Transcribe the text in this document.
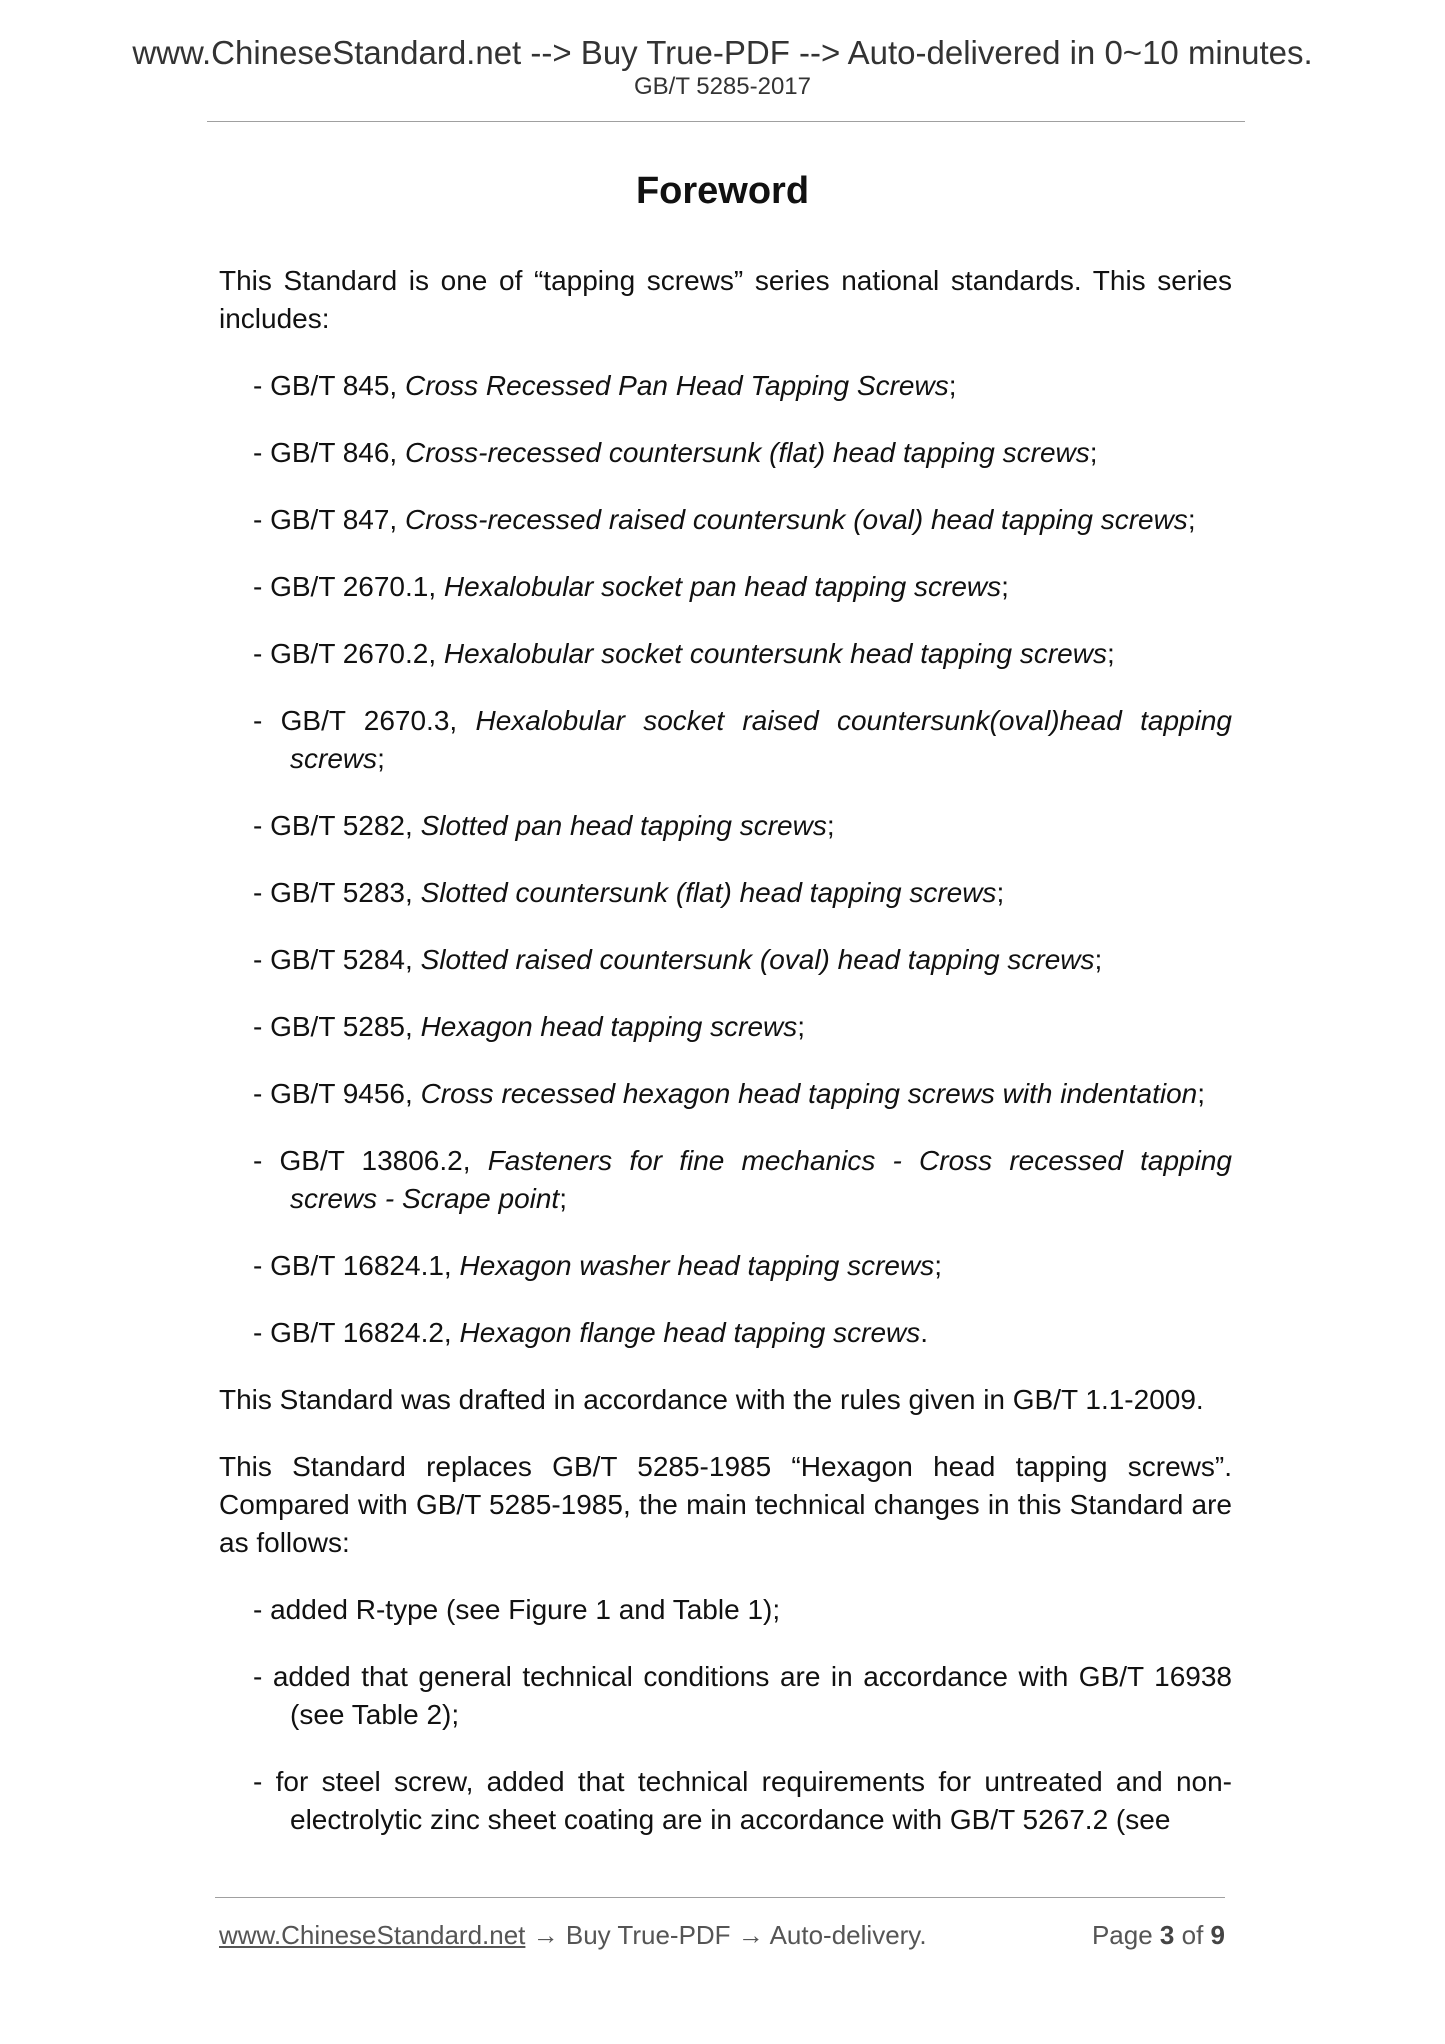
www.ChineseStandard.net --> Buy True-PDF --> Auto-delivered in 0~10 minutes.
GB/T 5285-2017
Foreword

This Standard is one of “tapping screws” series national standards. This series includes:

- GB/T 845, Cross Recessed Pan Head Tapping Screws;
- GB/T 846, Cross-recessed countersunk (flat) head tapping screws;
- GB/T 847, Cross-recessed raised countersunk (oval) head tapping screws;
- GB/T 2670.1, Hexalobular socket pan head tapping screws;
- GB/T 2670.2, Hexalobular socket countersunk head tapping screws;
- GB/T 2670.3, Hexalobular socket raised countersunk(oval)head tapping screws;
- GB/T 5282, Slotted pan head tapping screws;
- GB/T 5283, Slotted countersunk (flat) head tapping screws;
- GB/T 5284, Slotted raised countersunk (oval) head tapping screws;
- GB/T 5285, Hexagon head tapping screws;
- GB/T 9456, Cross recessed hexagon head tapping screws with indentation;
- GB/T 13806.2, Fasteners for fine mechanics - Cross recessed tapping screws - Scrape point;
- GB/T 16824.1, Hexagon washer head tapping screws;
- GB/T 16824.2, Hexagon flange head tapping screws.

This Standard was drafted in accordance with the rules given in GB/T 1.1-2009.

This Standard replaces GB/T 5285-1985 “Hexagon head tapping screws”. Compared with GB/T 5285-1985, the main technical changes in this Standard are as follows:

- added R-type (see Figure 1 and Table 1);
- added that general technical conditions are in accordance with GB/T 16938 (see Table 2);
- for steel screw, added that technical requirements for untreated and non-electrolytic zinc sheet coating are in accordance with GB/T 5267.2 (see
www.ChineseStandard.net → Buy True-PDF → Auto-delivery.	Page 3 of 9
